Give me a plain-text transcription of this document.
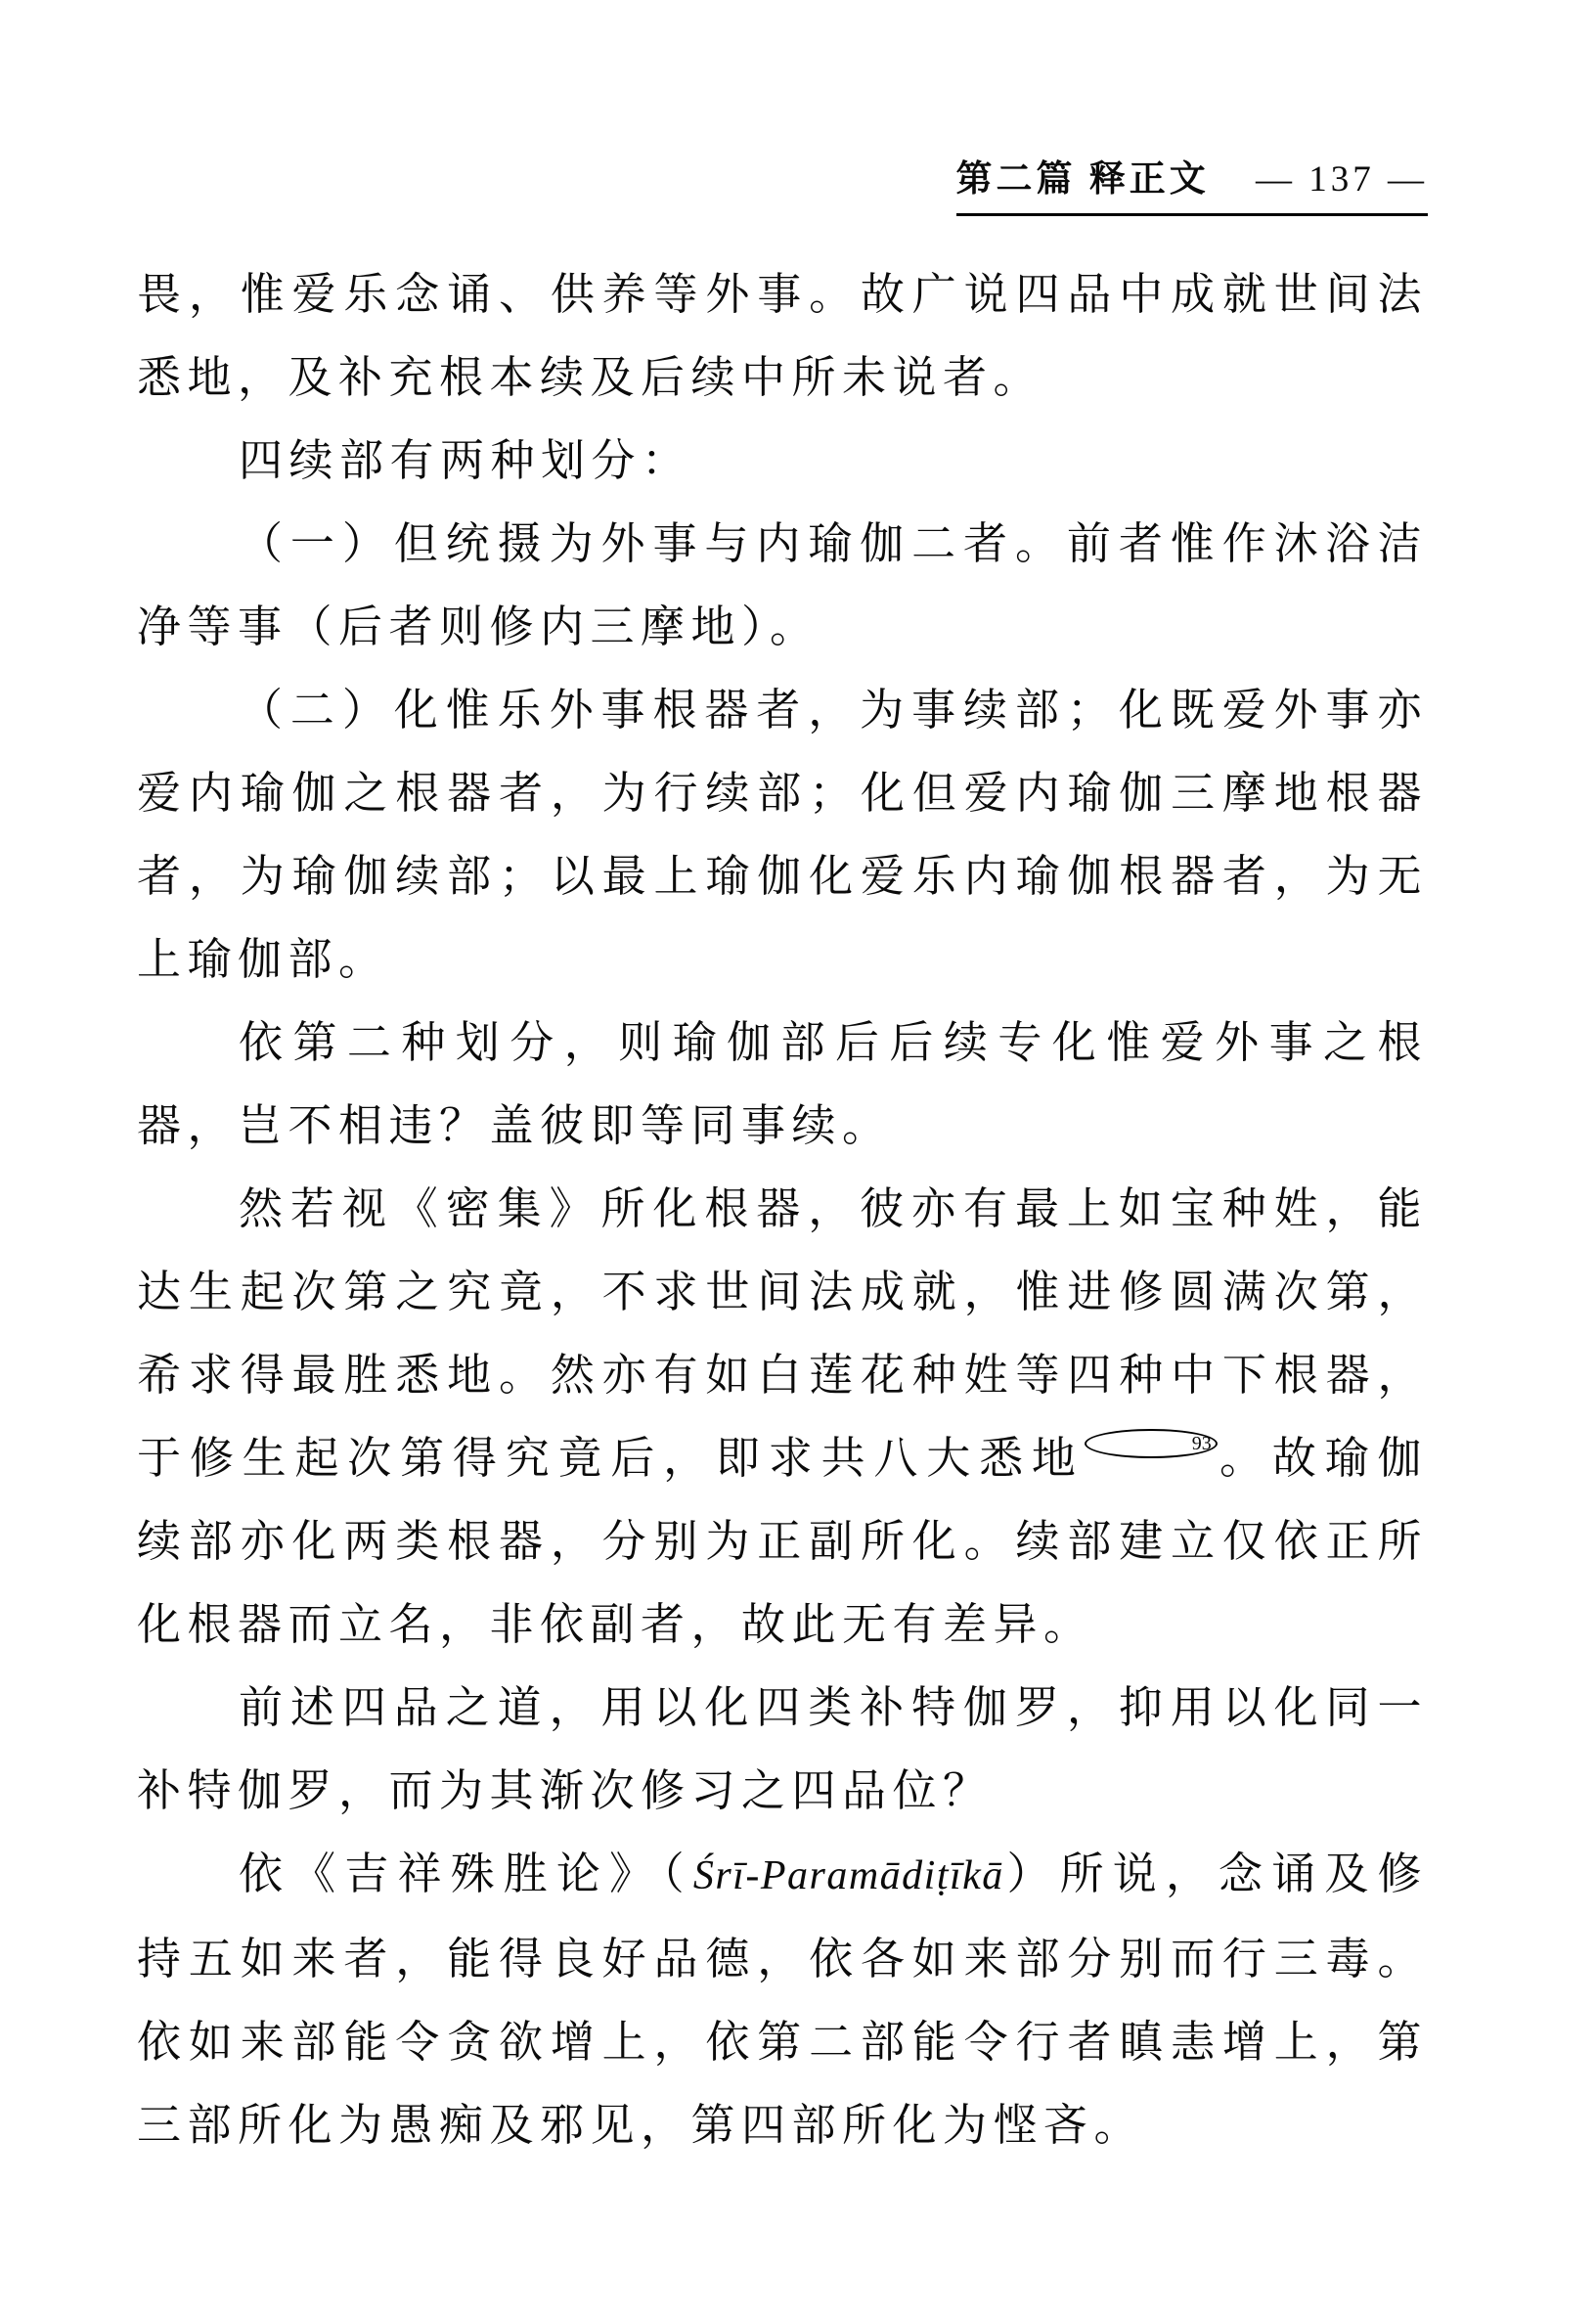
第二篇 释正文 — 137 —

畏，惟爱乐念诵、供养等外事。故广说四品中成就世间法悉地，及补充根本续及后续中所未说者。

四续部有两种划分：

（一）但统摄为外事与内瑜伽二者。前者惟作沐浴洁净等事（后者则修内三摩地）。

（二）化惟乐外事根器者，为事续部；化既爱外事亦爱内瑜伽之根器者，为行续部；化但爱内瑜伽三摩地根器者，为瑜伽续部；以最上瑜伽化爱乐内瑜伽根器者，为无上瑜伽部。

依第二种划分，则瑜伽部后后续专化惟爱外事之根器，岂不相违？盖彼即等同事续。

然若视《密集》所化根器，彼亦有最上如宝种姓，能达生起次第之究竟，不求世间法成就，惟进修圆满次第，希求得最胜悉地。然亦有如白莲花种姓等四种中下根器，于修生起次第得究竟后，即求共八大悉地	$^{93}$ 。故瑜伽续部亦化两类根器，分别为正副所化。续部建立仅依正所化根器而立名，非依副者，故此无有差异。

前述四品之道，用以化四类补特伽罗，抑用以化同一补特伽罗，而为其渐次修习之四品位？

依《吉祥殊胜论》（Śrī-Paramādiṭīkā）所说，念诵及修持五如来者，能得良好品德，依各如来部分别而行三毒。依如来部能令贪欲增上，依第二部能令行者瞋恚增上，第三部所化为愚痴及邪见，第四部所化为悭吝。
